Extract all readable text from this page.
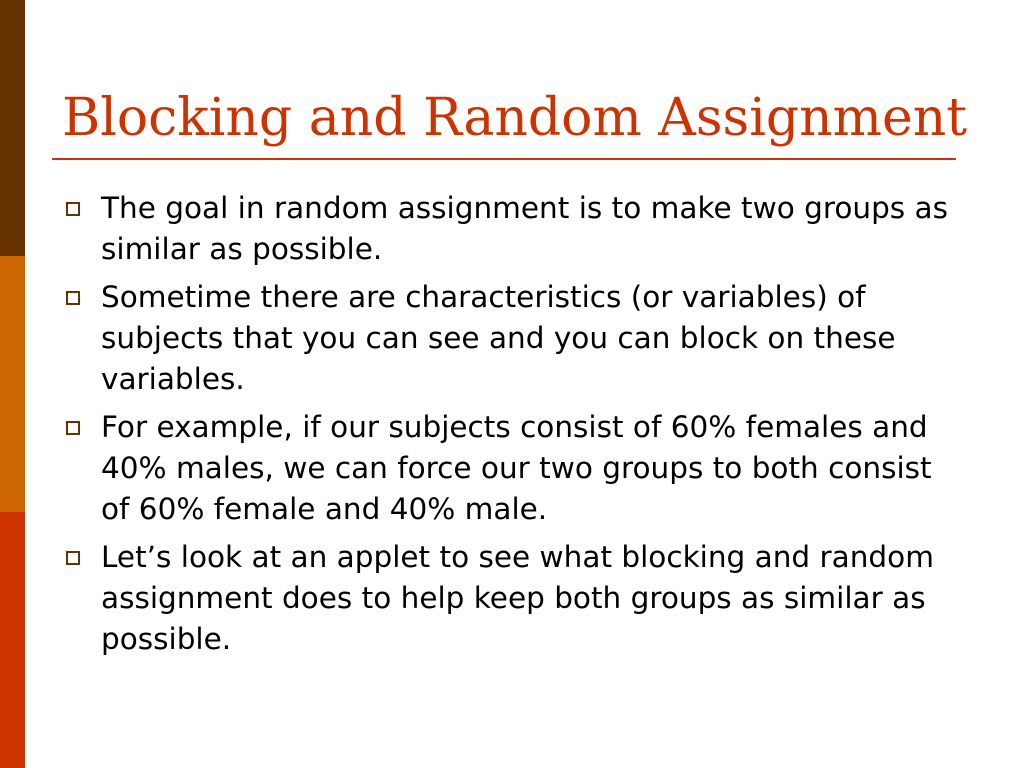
Blocking and Random Assignment
The goal in random assignment is to make two groups as similar as possible.
Sometime there are characteristics (or variables) of subjects that you can see and you can block on these variables.
For example, if our subjects consist of 60% females and 40% males, we can force our two groups to both consist of 60% female and 40% male.
Let’s look at an applet to see what blocking and random assignment does to help keep both groups as similar as possible.
